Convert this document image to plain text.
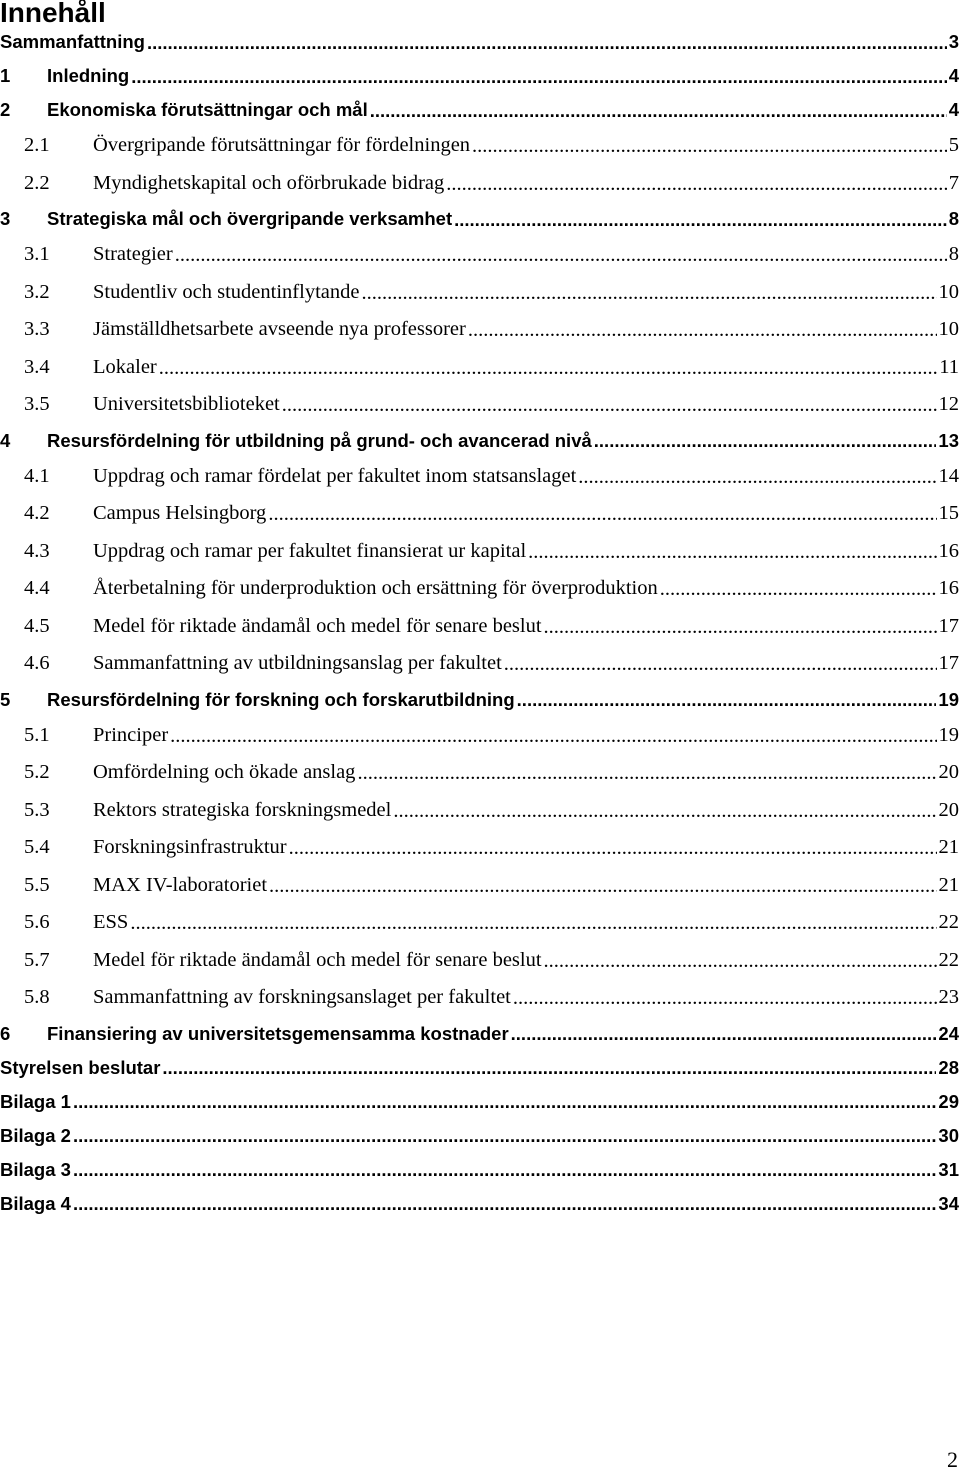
Innehåll
Sammanfattning .....	3
1	Inledning .....	4
2	Ekonomiska förutsättningar och mål .....	4
2.1	Övergripande förutsättningar för fördelningen .....	5
2.2	Myndighetskapital och oförbrukade bidrag .....	7
3	Strategiska mål och övergripande verksamhet .....	8
3.1	Strategier .....	8
3.2	Studentliv och studentinflytande .....	10
3.3	Jämställdhetsarbete avseende nya professorer .....	10
3.4	Lokaler .....	11
3.5	Universitetsbiblioteket .....	12
4	Resursfördelning för utbildning på grund- och avancerad nivå .....	13
4.1	Uppdrag och ramar fördelat per fakultet inom statsanslaget .....	14
4.2	Campus Helsingborg .....	15
4.3	Uppdrag och ramar per fakultet finansierat ur kapital .....	16
4.4	Återbetalning för underproduktion och ersättning för överproduktion .....	16
4.5	Medel för riktade ändamål och medel för senare beslut .....	17
4.6	Sammanfattning av utbildningsanslag per fakultet .....	17
5	Resursfördelning för forskning och forskarutbildning .....	19
5.1	Principer .....	19
5.2	Omfördelning och ökade anslag .....	20
5.3	Rektors strategiska forskningsmedel .....	20
5.4	Forskningsinfrastruktur .....	21
5.5	MAX IV-laboratoriet .....	21
5.6	ESS .....	22
5.7	Medel för riktade ändamål och medel för senare beslut .....	22
5.8	Sammanfattning av forskningsanslaget per fakultet .....	23
6	Finansiering av universitetsgemensamma kostnader .....	24
Styrelsen beslutar .....	28
Bilaga 1 .....	29
Bilaga 2 .....	30
Bilaga 3 .....	31
Bilaga 4 .....	34
2
